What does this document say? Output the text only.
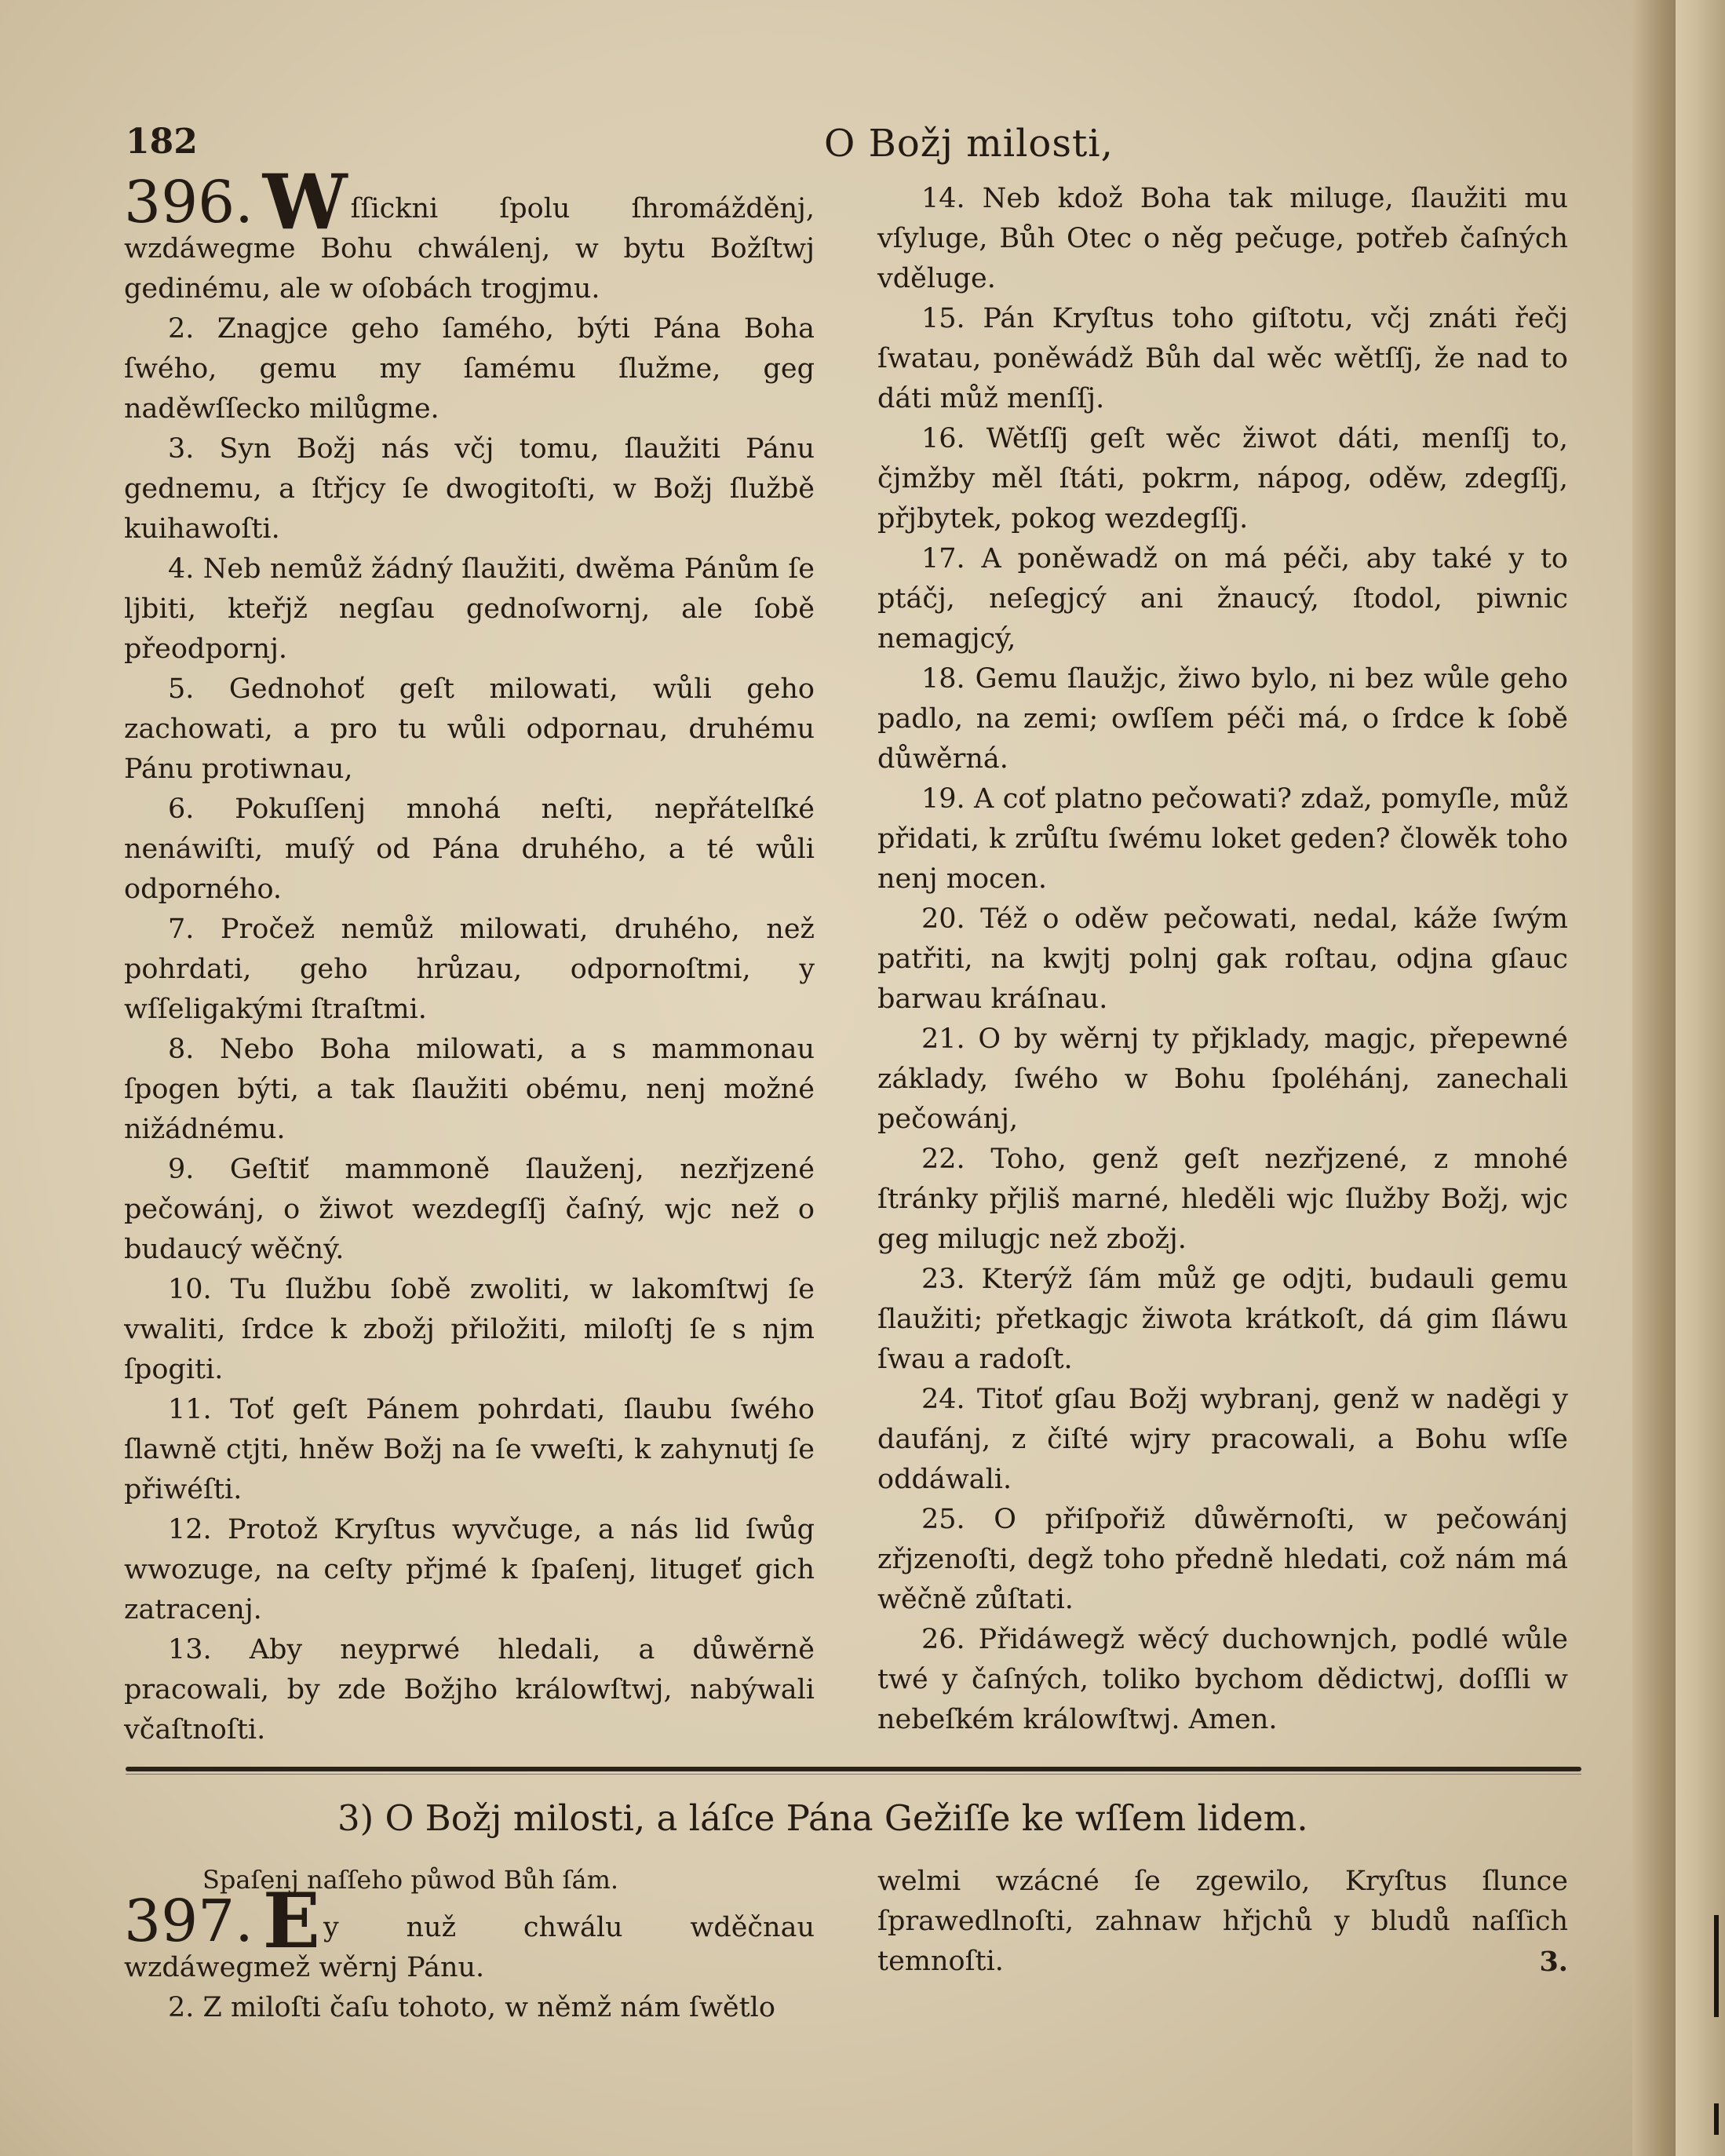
182	O Božj milosti,

396. W ſſickni ſpolu ſhromážděnj, wzdáwegme Bohu chwálenj, w bytu Božſtwj gedinému, ale w oſobách trogjmu.

2. Znagjce geho ſamého, býti Pána Boha ſwého, gemu my ſamému ſlužme, geg naděwſſecko milůgme.

3. Syn Božj nás včj tomu, ſlaužiti Pánu gednemu, a ſtřjcy ſe dwogitoſti, w Božj ſlužbě kuihawoſti.

4. Neb nemůž žádný ſlaužiti, dwěma Pánům ſe ljbiti, kteřjž negſau gednoſwornj, ale ſobě přeodpornj.

5. Gednohoť geſt milowati, wůli geho zachowati, a pro tu wůli odpornau, druhému Pánu protiwnau,

6. Pokuſſenj mnohá neſti, nepřátelſké nenáwiſti, muſý od Pána druhého, a té wůli odporného.

7. Pročež nemůž milowati, druhého, než pohrdati, geho hrůzau, odpornoſtmi, y wſſeligakými ſtraſtmi.

8. Nebo Boha milowati, a s mammonau ſpogen býti, a tak ſlaužiti obému, nenj možné nižádnému.

9. Geſtiť mammoně ſlauženj, nezřjzené pečowánj, o žiwot wezdegſſj čaſný, wjc než o budaucý wěčný.

10. Tu ſlužbu ſobě zwoliti, w lakomſtwj ſe vwaliti, ſrdce k zbožj přiložiti, miloſtj ſe s njm ſpogiti.

11. Toť geſt Pánem pohrdati, ſlaubu ſwého ſlawně ctjti, hněw Božj na ſe vweſti, k zahynutj ſe přiwéſti.

12. Protož Kryſtus wyvčuge, a nás lid ſwůg wwozuge, na ceſty přjmé k ſpaſenj, litugeť gich zatracenj.

13. Aby neyprwé hledali, a důwěrně pracowali, by zde Božjho králowſtwj, nabýwali včaſtnoſti.

14. Neb kdož Boha tak miluge, ſlaužiti mu vſyluge, Bůh Otec o něg pečuge, potřeb čaſných vděluge.

15. Pán Kryſtus toho giſtotu, včj znáti řečj ſwatau, poněwádž Bůh dal wěc wětſſj, že nad to dáti můž menſſj.

16. Wětſſj geſt wěc žiwot dáti, menſſj to, čjmžby měl ſtáti, pokrm, nápog, oděw, zdegſſj, přjbytek, pokog wezdegſſj.

17. A poněwadž on má péči, aby také y to ptáčj, neſegjcý ani žnaucý, ſtodol, piwnic nemagjcý,

18. Gemu ſlaužjc, žiwo bylo, ni bez wůle geho padlo, na zemi; owſſem péči má, o ſrdce k ſobě důwěrná.

19. A coť platno pečowati? zdaž, pomyſle, můž přidati, k zrůſtu ſwému loket geden? člowěk toho nenj mocen.

20. Též o oděw pečowati, nedal, káže ſwým patřiti, na kwjtj polnj gak roſtau, odjna gſauc barwau kráſnau.

21. O by wěrnj ty přjklady, magjc, přepewné základy, ſwého w Bohu ſpoléhánj, zanechali pečowánj,

22. Toho, genž geſt nezřjzené, z mnohé ſtránky přjliš marné, hleděli wjc ſlužby Božj, wjc geg milugjc než zbožj.

23. Kterýž ſám můž ge odjti, budauli gemu ſlaužiti; přetkagjc žiwota krátkoſt, dá gim ſláwu ſwau a radoſt.

24. Titoť gſau Božj wybranj, genž w naděgi y daufánj, z čiſté wjry pracowali, a Bohu wſſe oddáwali.

25. O přiſpořiž důwěrnoſti, w pečowánj zřjzenoſti, degž toho předně hledati, což nám má wěčně zůſtati.

26. Přidáwegž wěcý duchownjch, podlé wůle twé y čaſných, toliko bychom dědictwj, doſſli w nebeſkém králowſtwj. Amen.

3) O Božj milosti, a láſce Pána Gežiſſe ke wſſem lidem.
Spaſenj naſſeho půwod Bůh ſám.

397. E y nuž chwálu wděčnau wzdáwegmež wěrnj Pánu.

2. Z miloſti čaſu tohoto, w němž nám ſwětlo

welmi wzácné ſe zgewilo, Kryſtus ſlunce ſprawedlnoſti, zahnaw hřjchů y bludů naſſich temnoſti.	3.
